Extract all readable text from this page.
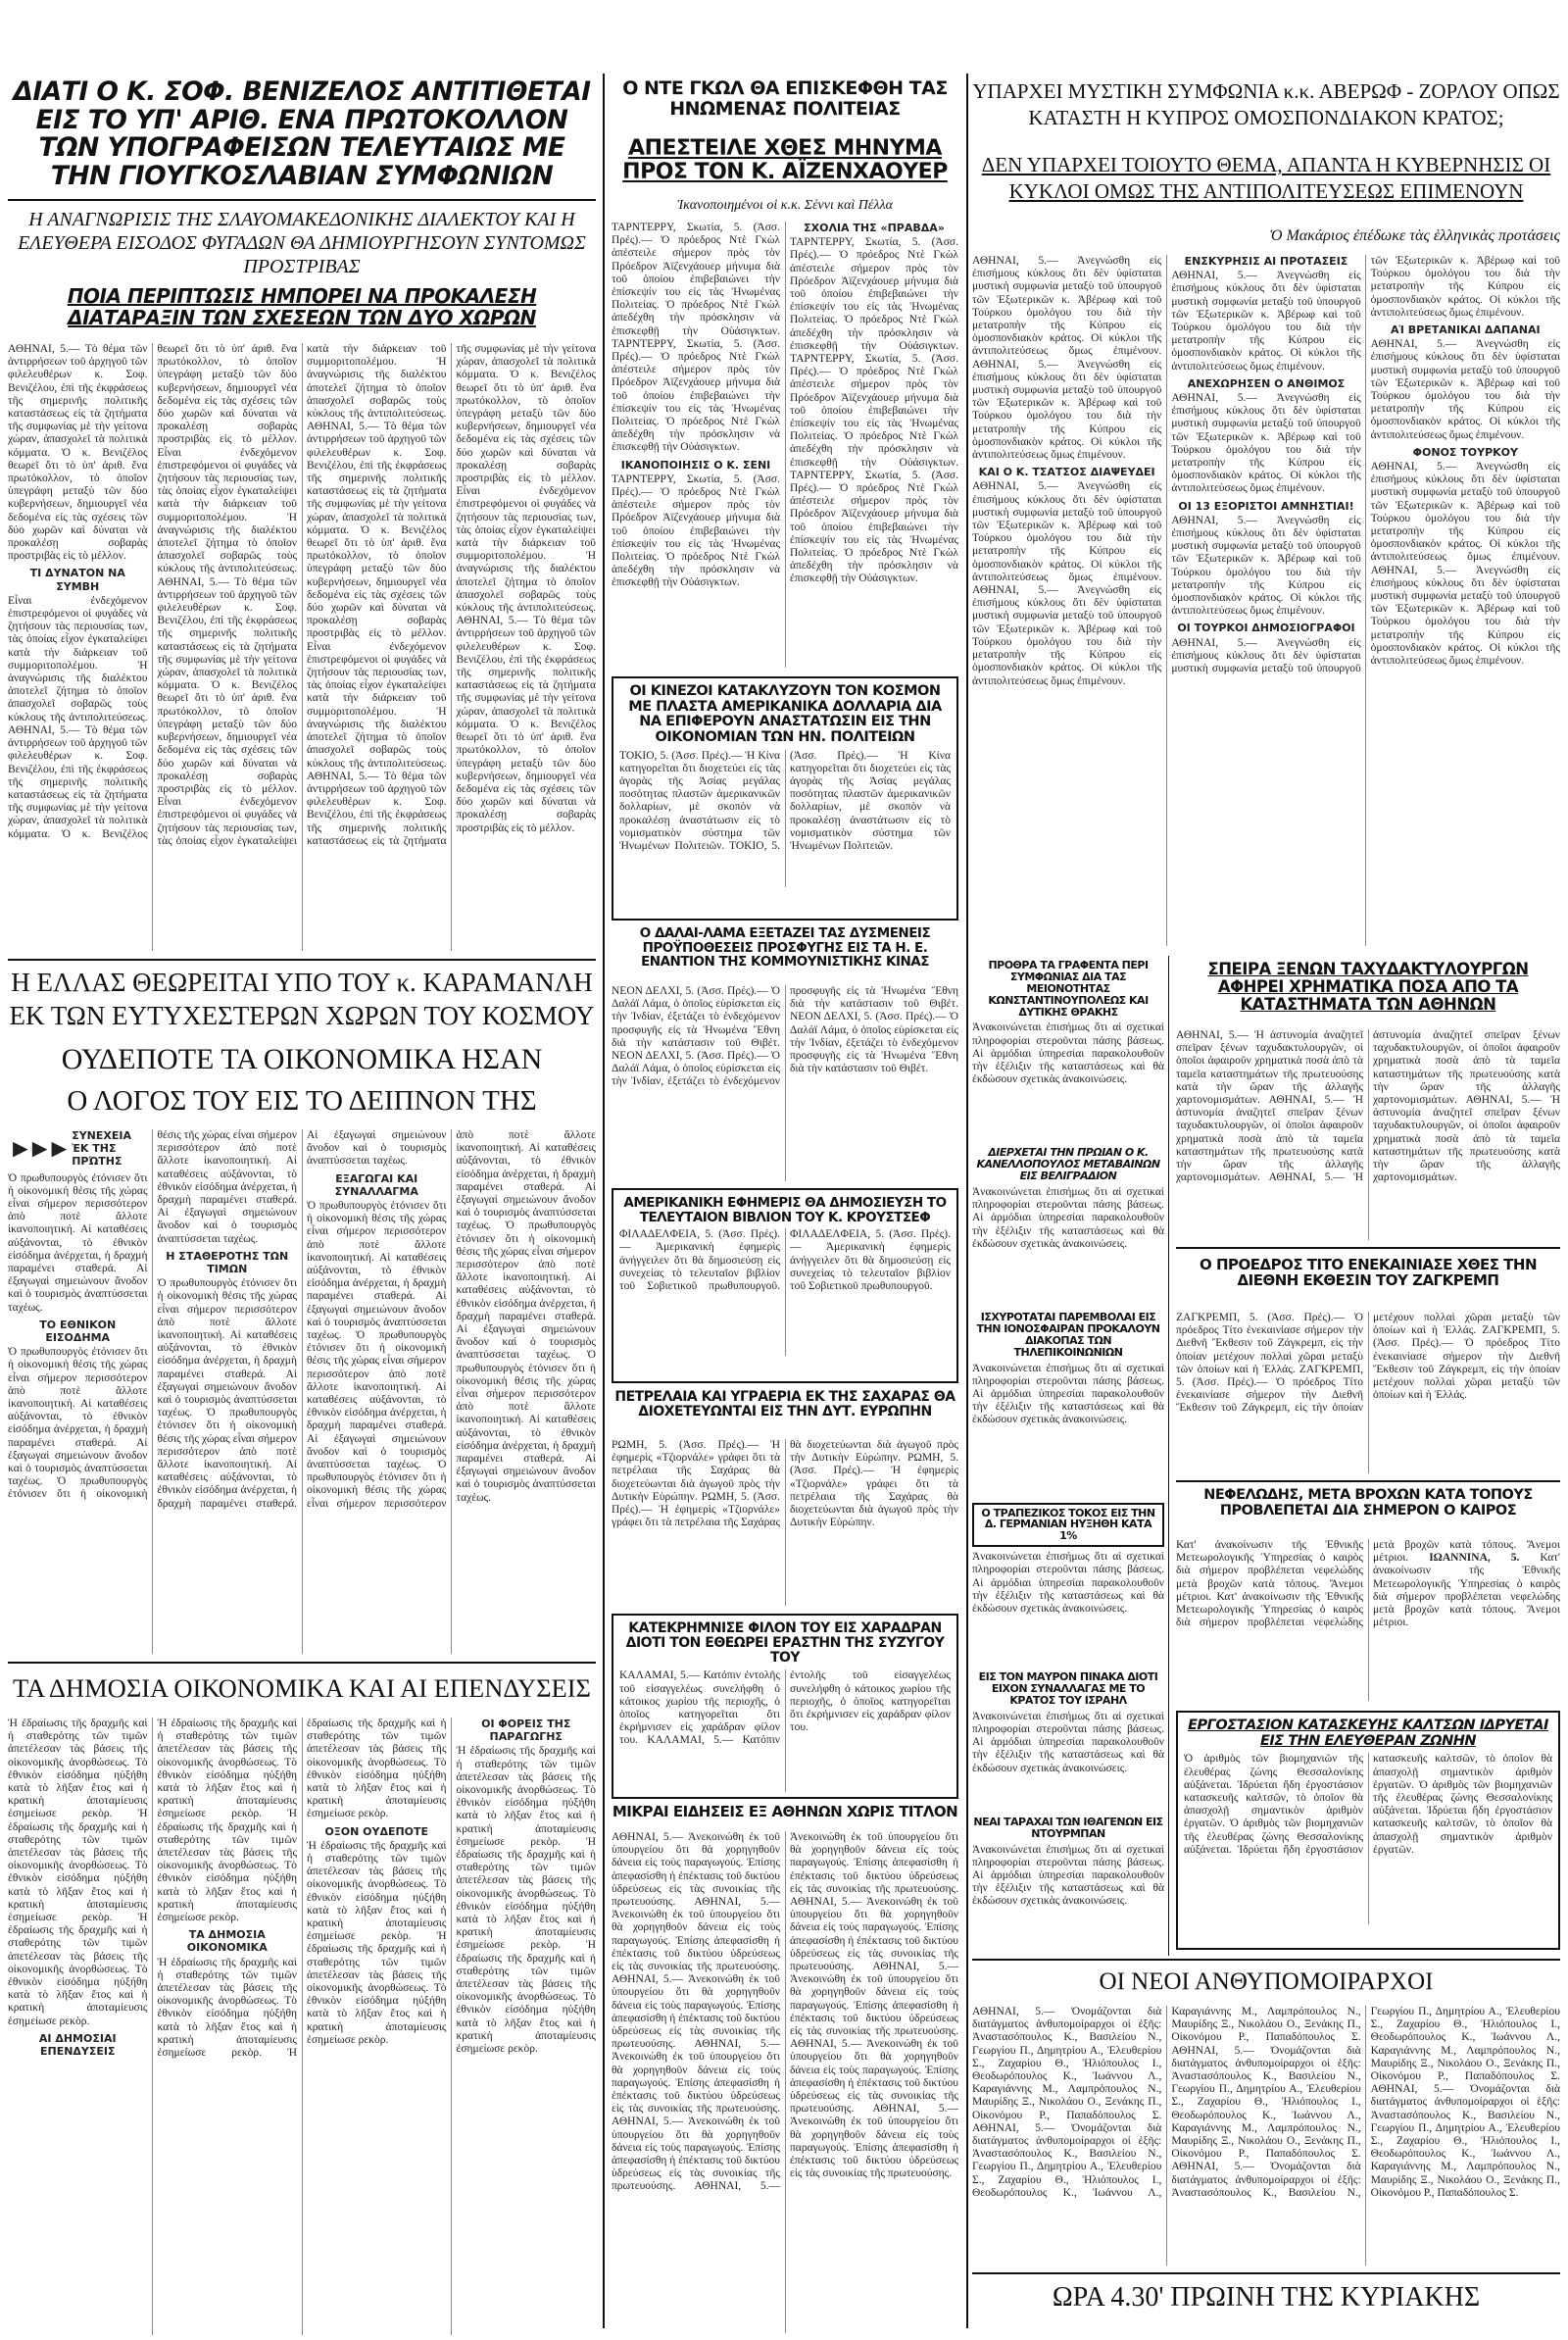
ΔΙΑΤΙ Ο Κ. ΣΟΦ. ΒΕΝΙΖΕΛΟΣ ΑΝΤΙΤΙΘΕΤΑΙ ΕΙΣ ΤΟ ΥΠ' ΑΡΙΘ. ΕΝΑ ΠΡΩΤΟΚΟΛΛΟΝ ΤΩΝ ΥΠΟΓΡΑΦΕΙΣΩΝ ΤΕΛΕΥΤΑΙΩΣ ΜΕ ΤΗΝ ΓΙΟΥΓΚΟΣΛΑΒΙΑΝ ΣΥΜΦΩΝΙΩΝ
Η ΑΝΑΓΝΩΡΙΣΙΣ ΤΗΣ ΣΛΑΥΟΜΑΚΕΔΟΝΙΚΗΣ ΔΙΑΛΕΚΤΟΥ ΚΑΙ Η ΕΛΕΥΘΕΡΑ ΕΙΣΟΔΟΣ ΦΥΓΑΔΩΝ ΘΑ ΔΗΜΙΟΥΡΓΗΣΟΥΝ ΣΥΝΤΟΜΩΣ ΠΡΟΣΤΡΙΒΑΣ
ΠΟΙΑ ΠΕΡΙΠΤΩΣΙΣ ΗΜΠΟΡΕΙ ΝΑ ΠΡΟΚΑΛΕΣΗ ΔΙΑΤΑΡΑΞΙΝ ΤΩΝ ΣΧΕΣΕΩΝ ΤΩΝ ΔΥΟ ΧΩΡΩΝ
ΑΘΗΝΑΙ, 5.— Τὸ θέμα τῶν ἀντιρρήσεων τοῦ ἀρχηγοῦ τῶν φιλελευθέρων κ. Σοφ. Βενιζέλου, ἐπὶ τῆς ἐκφράσεως τῆς σημερινῆς πολιτικῆς καταστάσεως εἰς τὰ ζητήματα τῆς συμφωνίας μὲ τὴν γείτονα χώραν, ἀπασχολεῖ τὰ πολιτικὰ κόμματα. Ὁ κ. Βενιζέλος θεωρεῖ ὅτι τὸ ὑπ' ἀριθ. ἕνα πρωτόκολλον, τὸ ὁποῖον ὑπεγράφη μεταξὺ τῶν δύο κυβερνήσεων, δημιουργεῖ νέα δεδομένα εἰς τὰς σχέσεις τῶν δύο χωρῶν καὶ δύναται νὰ προκαλέσῃ σοβαρὰς προστριβὰς εἰς τὸ μέλλον.
ΤΙ ΔΥΝΑΤΟΝ ΝΑ ΣΥΜΒΗ
Εἶναι ἐνδεχόμενον ἐπιστρεφόμενοι οἱ φυγάδες νὰ ζητήσουν τὰς περιουσίας των, τὰς ὁποίας εἶχον ἐγκαταλείψει κατὰ τὴν διάρκειαν τοῦ συμμοριτοπολέμου. Ἡ ἀναγνώρισις τῆς διαλέκτου ἀποτελεῖ ζήτημα τὸ ὁποῖον ἀπασχολεῖ σοβαρῶς τοὺς κύκλους τῆς ἀντιπολιτεύσεως. ΑΘΗΝΑΙ, 5.— Τὸ θέμα τῶν ἀντιρρήσεων τοῦ ἀρχηγοῦ τῶν φιλελευθέρων κ. Σοφ. Βενιζέλου, ἐπὶ τῆς ἐκφράσεως τῆς σημερινῆς πολιτικῆς καταστάσεως εἰς τὰ ζητήματα τῆς συμφωνίας μὲ τὴν γείτονα χώραν, ἀπασχολεῖ τὰ πολιτικὰ κόμματα. Ὁ κ. Βενιζέλος θεωρεῖ ὅτι τὸ ὑπ' ἀριθ. ἕνα πρωτόκολλον, τὸ ὁποῖον ὑπεγράφη μεταξὺ τῶν δύο κυβερνήσεων, δημιουργεῖ νέα δεδομένα εἰς τὰς σχέσεις τῶν δύο χωρῶν καὶ δύναται νὰ προκαλέσῃ σοβαρὰς προστριβὰς εἰς τὸ μέλλον. Εἶναι ἐνδεχόμενον ἐπιστρεφόμενοι οἱ φυγάδες νὰ ζητήσουν τὰς περιουσίας των, τὰς ὁποίας εἶχον ἐγκαταλείψει κατὰ τὴν διάρκειαν τοῦ συμμοριτοπολέμου. Ἡ ἀναγνώρισις τῆς διαλέκτου ἀποτελεῖ ζήτημα τὸ ὁποῖον ἀπασχολεῖ σοβαρῶς τοὺς κύκλους τῆς ἀντιπολιτεύσεως. ΑΘΗΝΑΙ, 5.— Τὸ θέμα τῶν ἀντιρρήσεων τοῦ ἀρχηγοῦ τῶν φιλελευθέρων κ. Σοφ. Βενιζέλου, ἐπὶ τῆς ἐκφράσεως τῆς σημερινῆς πολιτικῆς καταστάσεως εἰς τὰ ζητήματα τῆς συμφωνίας μὲ τὴν γείτονα χώραν, ἀπασχολεῖ τὰ πολιτικὰ κόμματα. Ὁ κ. Βενιζέλος θεωρεῖ ὅτι τὸ ὑπ' ἀριθ. ἕνα πρωτόκολλον, τὸ ὁποῖον ὑπεγράφη μεταξὺ τῶν δύο κυβερνήσεων, δημιουργεῖ νέα δεδομένα εἰς τὰς σχέσεις τῶν δύο χωρῶν καὶ δύναται νὰ προκαλέσῃ σοβαρὰς προστριβὰς εἰς τὸ μέλλον. Εἶναι ἐνδεχόμενον ἐπιστρεφόμενοι οἱ φυγάδες νὰ ζητήσουν τὰς περιουσίας των, τὰς ὁποίας εἶχον ἐγκαταλείψει κατὰ τὴν διάρκειαν τοῦ συμμοριτοπολέμου. Ἡ ἀναγνώρισις τῆς διαλέκτου ἀποτελεῖ ζήτημα τὸ ὁποῖον ἀπασχολεῖ σοβαρῶς τοὺς κύκλους τῆς ἀντιπολιτεύσεως. ΑΘΗΝΑΙ, 5.— Τὸ θέμα τῶν ἀντιρρήσεων τοῦ ἀρχηγοῦ τῶν φιλελευθέρων κ. Σοφ. Βενιζέλου, ἐπὶ τῆς ἐκφράσεως τῆς σημερινῆς πολιτικῆς καταστάσεως εἰς τὰ ζητήματα τῆς συμφωνίας μὲ τὴν γείτονα χώραν, ἀπασχολεῖ τὰ πολιτικὰ κόμματα. Ὁ κ. Βενιζέλος θεωρεῖ ὅτι τὸ ὑπ' ἀριθ. ἕνα πρωτόκολλον, τὸ ὁποῖον ὑπεγράφη μεταξὺ τῶν δύο κυβερνήσεων, δημιουργεῖ νέα δεδομένα εἰς τὰς σχέσεις τῶν δύο χωρῶν καὶ δύναται νὰ προκαλέσῃ σοβαρὰς προστριβὰς εἰς τὸ μέλλον. Εἶναι ἐνδεχόμενον ἐπιστρεφόμενοι οἱ φυγάδες νὰ ζητήσουν τὰς περιουσίας των, τὰς ὁποίας εἶχον ἐγκαταλείψει κατὰ τὴν διάρκειαν τοῦ συμμοριτοπολέμου. Ἡ ἀναγνώρισις τῆς διαλέκτου ἀποτελεῖ ζήτημα τὸ ὁποῖον ἀπασχολεῖ σοβαρῶς τοὺς κύκλους τῆς ἀντιπολιτεύσεως. ΑΘΗΝΑΙ, 5.— Τὸ θέμα τῶν ἀντιρρήσεων τοῦ ἀρχηγοῦ τῶν φιλελευθέρων κ. Σοφ. Βενιζέλου, ἐπὶ τῆς ἐκφράσεως τῆς σημερινῆς πολιτικῆς καταστάσεως εἰς τὰ ζητήματα τῆς συμφωνίας μὲ τὴν γείτονα χώραν, ἀπασχολεῖ τὰ πολιτικὰ κόμματα. Ὁ κ. Βενιζέλος θεωρεῖ ὅτι τὸ ὑπ' ἀριθ. ἕνα πρωτόκολλον, τὸ ὁποῖον ὑπεγράφη μεταξὺ τῶν δύο κυβερνήσεων, δημιουργεῖ νέα δεδομένα εἰς τὰς σχέσεις τῶν δύο χωρῶν καὶ δύναται νὰ προκαλέσῃ σοβαρὰς προστριβὰς εἰς τὸ μέλλον. Εἶναι ἐνδεχόμενον ἐπιστρεφόμενοι οἱ φυγάδες νὰ ζητήσουν τὰς περιουσίας των, τὰς ὁποίας εἶχον ἐγκαταλείψει κατὰ τὴν διάρκειαν τοῦ συμμοριτοπολέμου. Ἡ ἀναγνώρισις τῆς διαλέκτου ἀποτελεῖ ζήτημα τὸ ὁποῖον ἀπασχολεῖ σοβαρῶς τοὺς κύκλους τῆς ἀντιπολιτεύσεως. ΑΘΗΝΑΙ, 5.— Τὸ θέμα τῶν ἀντιρρήσεων τοῦ ἀρχηγοῦ τῶν φιλελευθέρων κ. Σοφ. Βενιζέλου, ἐπὶ τῆς ἐκφράσεως τῆς σημερινῆς πολιτικῆς καταστάσεως εἰς τὰ ζητήματα τῆς συμφωνίας μὲ τὴν γείτονα χώραν, ἀπασχολεῖ τὰ πολιτικὰ κόμματα. Ὁ κ. Βενιζέλος θεωρεῖ ὅτι τὸ ὑπ' ἀριθ. ἕνα πρωτόκολλον, τὸ ὁποῖον ὑπεγράφη μεταξὺ τῶν δύο κυβερνήσεων, δημιουργεῖ νέα δεδομένα εἰς τὰς σχέσεις τῶν δύο χωρῶν καὶ δύναται νὰ προκαλέσῃ σοβαρὰς προστριβὰς εἰς τὸ μέλλον.
Η ΕΛΛΑΣ ΘΕΩΡΕΙΤΑΙ ΥΠΟ ΤΟΥ κ. ΚΑΡΑΜΑΝΛΗ ΕΚ ΤΩΝ ΕΥΤΥΧΕΣΤΕΡΩΝ ΧΩΡΩΝ ΤΟΥ ΚΟΣΜΟΥ
ΟΥΔΕΠΟΤΕ ΤΑ ΟΙΚΟΝΟΜΙΚΑ ΗΣΑΝ
Ο ΛΟΓΟΣ ΤΟΥ ΕΙΣ ΤΟ ΔΕΙΠΝΟΝ ΤΗΣ
►►► ΣΥΝΕΧΕΙΑ ἘΚ ΤΗ͂Σ ΠΡΏΤΗΣ
Ὁ πρωθυπουργὸς ἐτόνισεν ὅτι ἡ οἰκονομικὴ θέσις τῆς χώρας εἶναι σήμερον περισσότερον ἀπὸ ποτὲ ἄλλοτε ἱκανοποιητική. Αἱ καταθέσεις αὐξάνονται, τὸ ἐθνικὸν εἰσόδημα ἀνέρχεται, ἡ δραχμὴ παραμένει σταθερά. Αἱ ἐξαγωγαὶ σημειώνουν ἄνοδον καὶ ὁ τουρισμὸς ἀναπτύσσεται ταχέως.
ΤΟ ΕΘΝΙΚΟΝ ΕΙΣΟΔΗΜΑ
Ὁ πρωθυπουργὸς ἐτόνισεν ὅτι ἡ οἰκονομικὴ θέσις τῆς χώρας εἶναι σήμερον περισσότερον ἀπὸ ποτὲ ἄλλοτε ἱκανοποιητική. Αἱ καταθέσεις αὐξάνονται, τὸ ἐθνικὸν εἰσόδημα ἀνέρχεται, ἡ δραχμὴ παραμένει σταθερά. Αἱ ἐξαγωγαὶ σημειώνουν ἄνοδον καὶ ὁ τουρισμὸς ἀναπτύσσεται ταχέως. Ὁ πρωθυπουργὸς ἐτόνισεν ὅτι ἡ οἰκονομικὴ θέσις τῆς χώρας εἶναι σήμερον περισσότερον ἀπὸ ποτὲ ἄλλοτε ἱκανοποιητική. Αἱ καταθέσεις αὐξάνονται, τὸ ἐθνικὸν εἰσόδημα ἀνέρχεται, ἡ δραχμὴ παραμένει σταθερά. Αἱ ἐξαγωγαὶ σημειώνουν ἄνοδον καὶ ὁ τουρισμὸς ἀναπτύσσεται ταχέως.
Η ΣΤΑΘΕΡΟΤΗΣ ΤΩΝ ΤΙΜΩΝ
Ὁ πρωθυπουργὸς ἐτόνισεν ὅτι ἡ οἰκονομικὴ θέσις τῆς χώρας εἶναι σήμερον περισσότερον ἀπὸ ποτὲ ἄλλοτε ἱκανοποιητική. Αἱ καταθέσεις αὐξάνονται, τὸ ἐθνικὸν εἰσόδημα ἀνέρχεται, ἡ δραχμὴ παραμένει σταθερά. Αἱ ἐξαγωγαὶ σημειώνουν ἄνοδον καὶ ὁ τουρισμὸς ἀναπτύσσεται ταχέως. Ὁ πρωθυπουργὸς ἐτόνισεν ὅτι ἡ οἰκονομικὴ θέσις τῆς χώρας εἶναι σήμερον περισσότερον ἀπὸ ποτὲ ἄλλοτε ἱκανοποιητική. Αἱ καταθέσεις αὐξάνονται, τὸ ἐθνικὸν εἰσόδημα ἀνέρχεται, ἡ δραχμὴ παραμένει σταθερά. Αἱ ἐξαγωγαὶ σημειώνουν ἄνοδον καὶ ὁ τουρισμὸς ἀναπτύσσεται ταχέως.
ΕΞΑΓΩΓΑΙ ΚΑΙ ΣΥΝΑΛΛΑΓΜΑ
Ὁ πρωθυπουργὸς ἐτόνισεν ὅτι ἡ οἰκονομικὴ θέσις τῆς χώρας εἶναι σήμερον περισσότερον ἀπὸ ποτὲ ἄλλοτε ἱκανοποιητική. Αἱ καταθέσεις αὐξάνονται, τὸ ἐθνικὸν εἰσόδημα ἀνέρχεται, ἡ δραχμὴ παραμένει σταθερά. Αἱ ἐξαγωγαὶ σημειώνουν ἄνοδον καὶ ὁ τουρισμὸς ἀναπτύσσεται ταχέως. Ὁ πρωθυπουργὸς ἐτόνισεν ὅτι ἡ οἰκονομικὴ θέσις τῆς χώρας εἶναι σήμερον περισσότερον ἀπὸ ποτὲ ἄλλοτε ἱκανοποιητική. Αἱ καταθέσεις αὐξάνονται, τὸ ἐθνικὸν εἰσόδημα ἀνέρχεται, ἡ δραχμὴ παραμένει σταθερά. Αἱ ἐξαγωγαὶ σημειώνουν ἄνοδον καὶ ὁ τουρισμὸς ἀναπτύσσεται ταχέως. Ὁ πρωθυπουργὸς ἐτόνισεν ὅτι ἡ οἰκονομικὴ θέσις τῆς χώρας εἶναι σήμερον περισσότερον ἀπὸ ποτὲ ἄλλοτε ἱκανοποιητική. Αἱ καταθέσεις αὐξάνονται, τὸ ἐθνικὸν εἰσόδημα ἀνέρχεται, ἡ δραχμὴ παραμένει σταθερά. Αἱ ἐξαγωγαὶ σημειώνουν ἄνοδον καὶ ὁ τουρισμὸς ἀναπτύσσεται ταχέως. Ὁ πρωθυπουργὸς ἐτόνισεν ὅτι ἡ οἰκονομικὴ θέσις τῆς χώρας εἶναι σήμερον περισσότερον ἀπὸ ποτὲ ἄλλοτε ἱκανοποιητική. Αἱ καταθέσεις αὐξάνονται, τὸ ἐθνικὸν εἰσόδημα ἀνέρχεται, ἡ δραχμὴ παραμένει σταθερά. Αἱ ἐξαγωγαὶ σημειώνουν ἄνοδον καὶ ὁ τουρισμὸς ἀναπτύσσεται ταχέως. Ὁ πρωθυπουργὸς ἐτόνισεν ὅτι ἡ οἰκονομικὴ θέσις τῆς χώρας εἶναι σήμερον περισσότερον ἀπὸ ποτὲ ἄλλοτε ἱκανοποιητική. Αἱ καταθέσεις αὐξάνονται, τὸ ἐθνικὸν εἰσόδημα ἀνέρχεται, ἡ δραχμὴ παραμένει σταθερά. Αἱ ἐξαγωγαὶ σημειώνουν ἄνοδον καὶ ὁ τουρισμὸς ἀναπτύσσεται ταχέως.
ΤΑ ΔΗΜΟΣΙΑ ΟΙΚΟΝΟΜΙΚΑ ΚΑΙ ΑΙ ΕΠΕΝΔΥΣΕΙΣ
Ἡ ἐδραίωσις τῆς δραχμῆς καὶ ἡ σταθερότης τῶν τιμῶν ἀπετέλεσαν τὰς βάσεις τῆς οἰκονομικῆς ἀνορθώσεως. Τὸ ἐθνικὸν εἰσόδημα ηὐξήθη κατὰ τὸ λῆξαν ἔτος καὶ ἡ κρατικὴ ἀποταμίευσις ἐσημείωσε ρεκὸρ. Ἡ ἐδραίωσις τῆς δραχμῆς καὶ ἡ σταθερότης τῶν τιμῶν ἀπετέλεσαν τὰς βάσεις τῆς οἰκονομικῆς ἀνορθώσεως. Τὸ ἐθνικὸν εἰσόδημα ηὐξήθη κατὰ τὸ λῆξαν ἔτος καὶ ἡ κρατικὴ ἀποταμίευσις ἐσημείωσε ρεκὸρ. Ἡ ἐδραίωσις τῆς δραχμῆς καὶ ἡ σταθερότης τῶν τιμῶν ἀπετέλεσαν τὰς βάσεις τῆς οἰκονομικῆς ἀνορθώσεως. Τὸ ἐθνικὸν εἰσόδημα ηὐξήθη κατὰ τὸ λῆξαν ἔτος καὶ ἡ κρατικὴ ἀποταμίευσις ἐσημείωσε ρεκὸρ.
ΑΙ ΔΗΜΟΣΙΑΙ ΕΠΕΝΔΥΣΕΙΣ
Ἡ ἐδραίωσις τῆς δραχμῆς καὶ ἡ σταθερότης τῶν τιμῶν ἀπετέλεσαν τὰς βάσεις τῆς οἰκονομικῆς ἀνορθώσεως. Τὸ ἐθνικὸν εἰσόδημα ηὐξήθη κατὰ τὸ λῆξαν ἔτος καὶ ἡ κρατικὴ ἀποταμίευσις ἐσημείωσε ρεκὸρ. Ἡ ἐδραίωσις τῆς δραχμῆς καὶ ἡ σταθερότης τῶν τιμῶν ἀπετέλεσαν τὰς βάσεις τῆς οἰκονομικῆς ἀνορθώσεως. Τὸ ἐθνικὸν εἰσόδημα ηὐξήθη κατὰ τὸ λῆξαν ἔτος καὶ ἡ κρατικὴ ἀποταμίευσις ἐσημείωσε ρεκὸρ.
ΤΑ ΔΗΜΟΣΙΑ ΟΙΚΟΝΟΜΙΚΑ
Ἡ ἐδραίωσις τῆς δραχμῆς καὶ ἡ σταθερότης τῶν τιμῶν ἀπετέλεσαν τὰς βάσεις τῆς οἰκονομικῆς ἀνορθώσεως. Τὸ ἐθνικὸν εἰσόδημα ηὐξήθη κατὰ τὸ λῆξαν ἔτος καὶ ἡ κρατικὴ ἀποταμίευσις ἐσημείωσε ρεκὸρ. Ἡ ἐδραίωσις τῆς δραχμῆς καὶ ἡ σταθερότης τῶν τιμῶν ἀπετέλεσαν τὰς βάσεις τῆς οἰκονομικῆς ἀνορθώσεως. Τὸ ἐθνικὸν εἰσόδημα ηὐξήθη κατὰ τὸ λῆξαν ἔτος καὶ ἡ κρατικὴ ἀποταμίευσις ἐσημείωσε ρεκὸρ.
ΟΞΟΝ ΟΥΔΕΠΟΤΕ
Ἡ ἐδραίωσις τῆς δραχμῆς καὶ ἡ σταθερότης τῶν τιμῶν ἀπετέλεσαν τὰς βάσεις τῆς οἰκονομικῆς ἀνορθώσεως. Τὸ ἐθνικὸν εἰσόδημα ηὐξήθη κατὰ τὸ λῆξαν ἔτος καὶ ἡ κρατικὴ ἀποταμίευσις ἐσημείωσε ρεκὸρ. Ἡ ἐδραίωσις τῆς δραχμῆς καὶ ἡ σταθερότης τῶν τιμῶν ἀπετέλεσαν τὰς βάσεις τῆς οἰκονομικῆς ἀνορθώσεως. Τὸ ἐθνικὸν εἰσόδημα ηὐξήθη κατὰ τὸ λῆξαν ἔτος καὶ ἡ κρατικὴ ἀποταμίευσις ἐσημείωσε ρεκὸρ.
ΟΙ ΦΟΡΕΙΣ ΤΗΣ ΠΑΡΑΓΩΓΗΣ
Ἡ ἐδραίωσις τῆς δραχμῆς καὶ ἡ σταθερότης τῶν τιμῶν ἀπετέλεσαν τὰς βάσεις τῆς οἰκονομικῆς ἀνορθώσεως. Τὸ ἐθνικὸν εἰσόδημα ηὐξήθη κατὰ τὸ λῆξαν ἔτος καὶ ἡ κρατικὴ ἀποταμίευσις ἐσημείωσε ρεκὸρ. Ἡ ἐδραίωσις τῆς δραχμῆς καὶ ἡ σταθερότης τῶν τιμῶν ἀπετέλεσαν τὰς βάσεις τῆς οἰκονομικῆς ἀνορθώσεως. Τὸ ἐθνικὸν εἰσόδημα ηὐξήθη κατὰ τὸ λῆξαν ἔτος καὶ ἡ κρατικὴ ἀποταμίευσις ἐσημείωσε ρεκὸρ. Ἡ ἐδραίωσις τῆς δραχμῆς καὶ ἡ σταθερότης τῶν τιμῶν ἀπετέλεσαν τὰς βάσεις τῆς οἰκονομικῆς ἀνορθώσεως. Τὸ ἐθνικὸν εἰσόδημα ηὐξήθη κατὰ τὸ λῆξαν ἔτος καὶ ἡ κρατικὴ ἀποταμίευσις ἐσημείωσε ρεκὸρ.
Ο ΝΤΕ ΓΚΩΛ ΘΑ ΕΠΙΣΚΕΦΘΗ ΤΑΣ ΗΝΩΜΕΝΑΣ ΠΟΛΙΤΕΙΑΣ
ΑΠΕΣΤΕΙΛΕ ΧΘΕΣ ΜΗΝΥΜΑ ΠΡΟΣ ΤΟΝ Κ. ΑΪΖΕΝΧΑΟΥΕΡ
Ἱκανοποιημένοι οἱ κ.κ. Σέννι καὶ Πέλλα
ΤΑΡΝΤΕΡΡΥ, Σκωτία, 5. (Ἀσσ. Πρές).— Ὁ πρόεδρος Ντὲ Γκὼλ ἀπέστειλε σήμερον πρὸς τὸν Πρόεδρον Ἀϊζενχάουερ μήνυμα διὰ τοῦ ὁποίου ἐπιβεβαιώνει τὴν ἐπίσκεψίν του εἰς τὰς Ἡνωμένας Πολιτείας. Ὁ πρόεδρος Ντὲ Γκὼλ ἀπεδέχθη τὴν πρόσκλησιν νὰ ἐπισκεφθῇ τὴν Οὐάσιγκτων. ΤΑΡΝΤΕΡΡΥ, Σκωτία, 5. (Ἀσσ. Πρές).— Ὁ πρόεδρος Ντὲ Γκὼλ ἀπέστειλε σήμερον πρὸς τὸν Πρόεδρον Ἀϊζενχάουερ μήνυμα διὰ τοῦ ὁποίου ἐπιβεβαιώνει τὴν ἐπίσκεψίν του εἰς τὰς Ἡνωμένας Πολιτείας. Ὁ πρόεδρος Ντὲ Γκὼλ ἀπεδέχθη τὴν πρόσκλησιν νὰ ἐπισκεφθῇ τὴν Οὐάσιγκτων.
ΙΚΑΝΟΠΟΙΗΣΙΣ Ο Κ. ΣΕΝΙ
ΤΑΡΝΤΕΡΡΥ, Σκωτία, 5. (Ἀσσ. Πρές).— Ὁ πρόεδρος Ντὲ Γκὼλ ἀπέστειλε σήμερον πρὸς τὸν Πρόεδρον Ἀϊζενχάουερ μήνυμα διὰ τοῦ ὁποίου ἐπιβεβαιώνει τὴν ἐπίσκεψίν του εἰς τὰς Ἡνωμένας Πολιτείας. Ὁ πρόεδρος Ντὲ Γκὼλ ἀπεδέχθη τὴν πρόσκλησιν νὰ ἐπισκεφθῇ τὴν Οὐάσιγκτων.
ΣΧΟΛΙΑ ΤΗΣ «ΠΡΑΒΔΑ»
ΤΑΡΝΤΕΡΡΥ, Σκωτία, 5. (Ἀσσ. Πρές).— Ὁ πρόεδρος Ντὲ Γκὼλ ἀπέστειλε σήμερον πρὸς τὸν Πρόεδρον Ἀϊζενχάουερ μήνυμα διὰ τοῦ ὁποίου ἐπιβεβαιώνει τὴν ἐπίσκεψίν του εἰς τὰς Ἡνωμένας Πολιτείας. Ὁ πρόεδρος Ντὲ Γκὼλ ἀπεδέχθη τὴν πρόσκλησιν νὰ ἐπισκεφθῇ τὴν Οὐάσιγκτων. ΤΑΡΝΤΕΡΡΥ, Σκωτία, 5. (Ἀσσ. Πρές).— Ὁ πρόεδρος Ντὲ Γκὼλ ἀπέστειλε σήμερον πρὸς τὸν Πρόεδρον Ἀϊζενχάουερ μήνυμα διὰ τοῦ ὁποίου ἐπιβεβαιώνει τὴν ἐπίσκεψίν του εἰς τὰς Ἡνωμένας Πολιτείας. Ὁ πρόεδρος Ντὲ Γκὼλ ἀπεδέχθη τὴν πρόσκλησιν νὰ ἐπισκεφθῇ τὴν Οὐάσιγκτων. ΤΑΡΝΤΕΡΡΥ, Σκωτία, 5. (Ἀσσ. Πρές).— Ὁ πρόεδρος Ντὲ Γκὼλ ἀπέστειλε σήμερον πρὸς τὸν Πρόεδρον Ἀϊζενχάουερ μήνυμα διὰ τοῦ ὁποίου ἐπιβεβαιώνει τὴν ἐπίσκεψίν του εἰς τὰς Ἡνωμένας Πολιτείας. Ὁ πρόεδρος Ντὲ Γκὼλ ἀπεδέχθη τὴν πρόσκλησιν νὰ ἐπισκεφθῇ τὴν Οὐάσιγκτων.
ΟΙ ΚΙΝΕΖΟΙ ΚΑΤΑΚΛΥΖΟΥΝ ΤΟΝ ΚΟΣΜΟΝ ΜΕ ΠΛΑΣΤΑ ΑΜΕΡΙΚΑΝΙΚΑ ΔΟΛΛΑΡΙΑ ΔΙΑ ΝΑ ΕΠΙΦΕΡΟΥΝ ΑΝΑΣΤΑΤΩΣΙΝ ΕΙΣ ΤΗΝ ΟΙΚΟΝΟΜΙΑΝ ΤΩΝ ΗΝ. ΠΟΛΙΤΕΙΩΝ
ΤΟΚΙΟ, 5. (Ἀσσ. Πρές).— Ἡ Κίνα κατηγορεῖται ὅτι διοχετεύει εἰς τὰς ἀγορὰς τῆς Ἀσίας μεγάλας ποσότητας πλαστῶν ἀμερικανικῶν δολλαρίων, μὲ σκοπὸν νὰ προκαλέσῃ ἀναστάτωσιν εἰς τὸ νομισματικὸν σύστημα τῶν Ἡνωμένων Πολιτειῶν. ΤΟΚΙΟ, 5. (Ἀσσ. Πρές).— Ἡ Κίνα κατηγορεῖται ὅτι διοχετεύει εἰς τὰς ἀγορὰς τῆς Ἀσίας μεγάλας ποσότητας πλαστῶν ἀμερικανικῶν δολλαρίων, μὲ σκοπὸν νὰ προκαλέσῃ ἀναστάτωσιν εἰς τὸ νομισματικὸν σύστημα τῶν Ἡνωμένων Πολιτειῶν.
Ο ΔΑΛΑΪ-ΛΑΜΑ ΕΞΕΤΑΖΕΙ ΤΑΣ ΔΥΣΜΕΝΕΙΣ ΠΡΟΫΠΟΘΕΣΕΙΣ ΠΡΟΣΦΥΓΗΣ ΕΙΣ ΤΑ Η. Ε. ΕΝΑΝΤΙΟΝ ΤΗΣ ΚΟΜΜΟΥΝΙΣΤΙΚΗΣ ΚΙΝΑΣ
ΝΕΟΝ ΔΕΛΧΙ, 5. (Ἀσσ. Πρές).— Ὁ Δαλάϊ Λάμα, ὁ ὁποῖος εὑρίσκεται εἰς τὴν Ἰνδίαν, ἐξετάζει τὸ ἐνδεχόμενον προσφυγῆς εἰς τὰ Ἡνωμένα Ἔθνη διὰ τὴν κατάστασιν τοῦ Θιβέτ. ΝΕΟΝ ΔΕΛΧΙ, 5. (Ἀσσ. Πρές).— Ὁ Δαλάϊ Λάμα, ὁ ὁποῖος εὑρίσκεται εἰς τὴν Ἰνδίαν, ἐξετάζει τὸ ἐνδεχόμενον προσφυγῆς εἰς τὰ Ἡνωμένα Ἔθνη διὰ τὴν κατάστασιν τοῦ Θιβέτ. ΝΕΟΝ ΔΕΛΧΙ, 5. (Ἀσσ. Πρές).— Ὁ Δαλάϊ Λάμα, ὁ ὁποῖος εὑρίσκεται εἰς τὴν Ἰνδίαν, ἐξετάζει τὸ ἐνδεχόμενον προσφυγῆς εἰς τὰ Ἡνωμένα Ἔθνη διὰ τὴν κατάστασιν τοῦ Θιβέτ.
ΑΜΕΡΙΚΑΝΙΚΗ ΕΦΗΜΕΡΙΣ ΘΑ ΔΗΜΟΣΙΕΥΣΗ ΤΟ ΤΕΛΕΥΤΑΙΟΝ ΒΙΒΛΙΟΝ ΤΟΥ Κ. ΚΡΟΥΣΤΣΕΦ
ΦΙΛΑΔΕΛΦΕΙΑ, 5. (Ἀσσ. Πρές).— Ἀμερικανικὴ ἐφημερὶς ἀνήγγειλεν ὅτι θὰ δημοσιεύσῃ εἰς συνεχείας τὸ τελευταῖον βιβλίον τοῦ Σοβιετικοῦ πρωθυπουργοῦ. ΦΙΛΑΔΕΛΦΕΙΑ, 5. (Ἀσσ. Πρές).— Ἀμερικανικὴ ἐφημερὶς ἀνήγγειλεν ὅτι θὰ δημοσιεύσῃ εἰς συνεχείας τὸ τελευταῖον βιβλίον τοῦ Σοβιετικοῦ πρωθυπουργοῦ.
ΠΕΤΡΕΛΑΙΑ ΚΑΙ ΥΓΡΑΕΡΙΑ ΕΚ ΤΗΣ ΣΑΧΑΡΑΣ ΘΑ ΔΙΟΧΕΤΕΥΩΝΤΑΙ ΕΙΣ ΤΗΝ ΔΥΤ. ΕΥΡΩΠΗΝ
ΡΩΜΗ, 5. (Ἀσσ. Πρές).— Ἡ ἐφημερὶς «Τζιορνάλε» γράφει ὅτι τὰ πετρέλαια τῆς Σαχάρας θὰ διοχετεύωνται διὰ ἀγωγοῦ πρὸς τὴν Δυτικὴν Εὐρώπην. ΡΩΜΗ, 5. (Ἀσσ. Πρές).— Ἡ ἐφημερὶς «Τζιορνάλε» γράφει ὅτι τὰ πετρέλαια τῆς Σαχάρας θὰ διοχετεύωνται διὰ ἀγωγοῦ πρὸς τὴν Δυτικὴν Εὐρώπην. ΡΩΜΗ, 5. (Ἀσσ. Πρές).— Ἡ ἐφημερὶς «Τζιορνάλε» γράφει ὅτι τὰ πετρέλαια τῆς Σαχάρας θὰ διοχετεύωνται διὰ ἀγωγοῦ πρὸς τὴν Δυτικὴν Εὐρώπην.
ΚΑΤΕΚΡΗΜΝΙΣΕ ΦΙΛΟΝ ΤΟΥ ΕΙΣ ΧΑΡΑΔΡΑΝ ΔΙΟΤΙ ΤΟΝ ΕΘΕΩΡΕΙ ΕΡΑΣΤΗΝ ΤΗΣ ΣΥΖΥΓΟΥ ΤΟΥ
ΚΑΛΑΜΑΙ, 5.— Κατόπιν ἐντολῆς τοῦ εἰσαγγελέως συνελήφθη ὁ κάτοικος χωρίου τῆς περιοχῆς, ὁ ὁποῖος κατηγορεῖται ὅτι ἐκρήμνισεν εἰς χαράδραν φίλον του. ΚΑΛΑΜΑΙ, 5.— Κατόπιν ἐντολῆς τοῦ εἰσαγγελέως συνελήφθη ὁ κάτοικος χωρίου τῆς περιοχῆς, ὁ ὁποῖος κατηγορεῖται ὅτι ἐκρήμνισεν εἰς χαράδραν φίλον του.
ΜΙΚΡΑΙ ΕΙΔΗΣΕΙΣ ΕΞ ΑΘΗΝΩΝ ΧΩΡΙΣ ΤΙΤΛΟΝ
ΑΘΗΝΑΙ, 5.— Ἀνεκοινώθη ἐκ τοῦ ὑπουργείου ὅτι θὰ χορηγηθοῦν δάνεια εἰς τοὺς παραγωγούς. Ἐπίσης ἀπεφασίσθη ἡ ἐπέκτασις τοῦ δικτύου ὑδρεύσεως εἰς τὰς συνοικίας τῆς πρωτευούσης. ΑΘΗΝΑΙ, 5.— Ἀνεκοινώθη ἐκ τοῦ ὑπουργείου ὅτι θὰ χορηγηθοῦν δάνεια εἰς τοὺς παραγωγούς. Ἐπίσης ἀπεφασίσθη ἡ ἐπέκτασις τοῦ δικτύου ὑδρεύσεως εἰς τὰς συνοικίας τῆς πρωτευούσης. ΑΘΗΝΑΙ, 5.— Ἀνεκοινώθη ἐκ τοῦ ὑπουργείου ὅτι θὰ χορηγηθοῦν δάνεια εἰς τοὺς παραγωγούς. Ἐπίσης ἀπεφασίσθη ἡ ἐπέκτασις τοῦ δικτύου ὑδρεύσεως εἰς τὰς συνοικίας τῆς πρωτευούσης. ΑΘΗΝΑΙ, 5.— Ἀνεκοινώθη ἐκ τοῦ ὑπουργείου ὅτι θὰ χορηγηθοῦν δάνεια εἰς τοὺς παραγωγούς. Ἐπίσης ἀπεφασίσθη ἡ ἐπέκτασις τοῦ δικτύου ὑδρεύσεως εἰς τὰς συνοικίας τῆς πρωτευούσης. ΑΘΗΝΑΙ, 5.— Ἀνεκοινώθη ἐκ τοῦ ὑπουργείου ὅτι θὰ χορηγηθοῦν δάνεια εἰς τοὺς παραγωγούς. Ἐπίσης ἀπεφασίσθη ἡ ἐπέκτασις τοῦ δικτύου ὑδρεύσεως εἰς τὰς συνοικίας τῆς πρωτευούσης. ΑΘΗΝΑΙ, 5.— Ἀνεκοινώθη ἐκ τοῦ ὑπουργείου ὅτι θὰ χορηγηθοῦν δάνεια εἰς τοὺς παραγωγούς. Ἐπίσης ἀπεφασίσθη ἡ ἐπέκτασις τοῦ δικτύου ὑδρεύσεως εἰς τὰς συνοικίας τῆς πρωτευούσης. ΑΘΗΝΑΙ, 5.— Ἀνεκοινώθη ἐκ τοῦ ὑπουργείου ὅτι θὰ χορηγηθοῦν δάνεια εἰς τοὺς παραγωγούς. Ἐπίσης ἀπεφασίσθη ἡ ἐπέκτασις τοῦ δικτύου ὑδρεύσεως εἰς τὰς συνοικίας τῆς πρωτευούσης. ΑΘΗΝΑΙ, 5.— Ἀνεκοινώθη ἐκ τοῦ ὑπουργείου ὅτι θὰ χορηγηθοῦν δάνεια εἰς τοὺς παραγωγούς. Ἐπίσης ἀπεφασίσθη ἡ ἐπέκτασις τοῦ δικτύου ὑδρεύσεως εἰς τὰς συνοικίας τῆς πρωτευούσης. ΑΘΗΝΑΙ, 5.— Ἀνεκοινώθη ἐκ τοῦ ὑπουργείου ὅτι θὰ χορηγηθοῦν δάνεια εἰς τοὺς παραγωγούς. Ἐπίσης ἀπεφασίσθη ἡ ἐπέκτασις τοῦ δικτύου ὑδρεύσεως εἰς τὰς συνοικίας τῆς πρωτευούσης. ΑΘΗΝΑΙ, 5.— Ἀνεκοινώθη ἐκ τοῦ ὑπουργείου ὅτι θὰ χορηγηθοῦν δάνεια εἰς τοὺς παραγωγούς. Ἐπίσης ἀπεφασίσθη ἡ ἐπέκτασις τοῦ δικτύου ὑδρεύσεως εἰς τὰς συνοικίας τῆς πρωτευούσης.
ΥΠΑΡΧΕΙ ΜΥΣΤΙΚΗ ΣΥΜΦΩΝΙΑ κ.κ. ΑΒΕΡΩΦ - ΖΟΡΛΟΥ ΟΠΩΣ ΚΑΤΑΣΤΗ Η ΚΥΠΡΟΣ ΟΜΟΣΠΟΝΔΙΑΚΟΝ ΚΡΑΤΟΣ;
ΔΕΝ ΥΠΑΡΧΕΙ ΤΟΙΟΥΤΟ ΘΕΜΑ, ΑΠΑΝΤΑ Η ΚΥΒΕΡΝΗΣΙΣ ΟΙ ΚΥΚΛΟΙ ΟΜΩΣ ΤΗΣ ΑΝΤΙΠΟΛΙΤΕΥΣΕΩΣ ΕΠΙΜΕΝΟΥΝ
Ὁ Μακάριος ἐπέδωκε τὰς ἑλληνικὰς προτάσεις
ΑΘΗΝΑΙ, 5.— Ἀνεγνώσθη εἰς ἐπισήμους κύκλους ὅτι δὲν ὑφίσταται μυστικὴ συμφωνία μεταξὺ τοῦ ὑπουργοῦ τῶν Ἐξωτερικῶν κ. Ἀβέρωφ καὶ τοῦ Τούρκου ὁμολόγου του διὰ τὴν μετατροπὴν τῆς Κύπρου εἰς ὁμοσπονδιακὸν κράτος. Οἱ κύκλοι τῆς ἀντιπολιτεύσεως ὅμως ἐπιμένουν. ΑΘΗΝΑΙ, 5.— Ἀνεγνώσθη εἰς ἐπισήμους κύκλους ὅτι δὲν ὑφίσταται μυστικὴ συμφωνία μεταξὺ τοῦ ὑπουργοῦ τῶν Ἐξωτερικῶν κ. Ἀβέρωφ καὶ τοῦ Τούρκου ὁμολόγου του διὰ τὴν μετατροπὴν τῆς Κύπρου εἰς ὁμοσπονδιακὸν κράτος. Οἱ κύκλοι τῆς ἀντιπολιτεύσεως ὅμως ἐπιμένουν.
ΚΑΙ Ο Κ. ΤΣΑΤΣΟΣ ΔΙΑΨΕΥΔΕΙ
ΑΘΗΝΑΙ, 5.— Ἀνεγνώσθη εἰς ἐπισήμους κύκλους ὅτι δὲν ὑφίσταται μυστικὴ συμφωνία μεταξὺ τοῦ ὑπουργοῦ τῶν Ἐξωτερικῶν κ. Ἀβέρωφ καὶ τοῦ Τούρκου ὁμολόγου του διὰ τὴν μετατροπὴν τῆς Κύπρου εἰς ὁμοσπονδιακὸν κράτος. Οἱ κύκλοι τῆς ἀντιπολιτεύσεως ὅμως ἐπιμένουν. ΑΘΗΝΑΙ, 5.— Ἀνεγνώσθη εἰς ἐπισήμους κύκλους ὅτι δὲν ὑφίσταται μυστικὴ συμφωνία μεταξὺ τοῦ ὑπουργοῦ τῶν Ἐξωτερικῶν κ. Ἀβέρωφ καὶ τοῦ Τούρκου ὁμολόγου του διὰ τὴν μετατροπὴν τῆς Κύπρου εἰς ὁμοσπονδιακὸν κράτος. Οἱ κύκλοι τῆς ἀντιπολιτεύσεως ὅμως ἐπιμένουν.
ΕΝΣΚΥΡΗΣΙΣ ΑΙ ΠΡΟΤΑΣΕΙΣ
ΑΘΗΝΑΙ, 5.— Ἀνεγνώσθη εἰς ἐπισήμους κύκλους ὅτι δὲν ὑφίσταται μυστικὴ συμφωνία μεταξὺ τοῦ ὑπουργοῦ τῶν Ἐξωτερικῶν κ. Ἀβέρωφ καὶ τοῦ Τούρκου ὁμολόγου του διὰ τὴν μετατροπὴν τῆς Κύπρου εἰς ὁμοσπονδιακὸν κράτος. Οἱ κύκλοι τῆς ἀντιπολιτεύσεως ὅμως ἐπιμένουν.
ΑΝΕΧΩΡΗΣΕΝ Ο ΑΝΘΙΜΟΣ
ΑΘΗΝΑΙ, 5.— Ἀνεγνώσθη εἰς ἐπισήμους κύκλους ὅτι δὲν ὑφίσταται μυστικὴ συμφωνία μεταξὺ τοῦ ὑπουργοῦ τῶν Ἐξωτερικῶν κ. Ἀβέρωφ καὶ τοῦ Τούρκου ὁμολόγου του διὰ τὴν μετατροπὴν τῆς Κύπρου εἰς ὁμοσπονδιακὸν κράτος. Οἱ κύκλοι τῆς ἀντιπολιτεύσεως ὅμως ἐπιμένουν.
ΟΙ 13 ΕΞΟΡΙΣΤΟΙ ΑΜΝΗΣΤΙΑΙ!
ΑΘΗΝΑΙ, 5.— Ἀνεγνώσθη εἰς ἐπισήμους κύκλους ὅτι δὲν ὑφίσταται μυστικὴ συμφωνία μεταξὺ τοῦ ὑπουργοῦ τῶν Ἐξωτερικῶν κ. Ἀβέρωφ καὶ τοῦ Τούρκου ὁμολόγου του διὰ τὴν μετατροπὴν τῆς Κύπρου εἰς ὁμοσπονδιακὸν κράτος. Οἱ κύκλοι τῆς ἀντιπολιτεύσεως ὅμως ἐπιμένουν.
ΟΙ ΤΟΥΡΚΟΙ ΔΗΜΟΣΙΟΓΡΑΦΟΙ
ΑΘΗΝΑΙ, 5.— Ἀνεγνώσθη εἰς ἐπισήμους κύκλους ὅτι δὲν ὑφίσταται μυστικὴ συμφωνία μεταξὺ τοῦ ὑπουργοῦ τῶν Ἐξωτερικῶν κ. Ἀβέρωφ καὶ τοῦ Τούρκου ὁμολόγου του διὰ τὴν μετατροπὴν τῆς Κύπρου εἰς ὁμοσπονδιακὸν κράτος. Οἱ κύκλοι τῆς ἀντιπολιτεύσεως ὅμως ἐπιμένουν.
ΑἹ ΒΡΕΤΑΝΙΚΑΙ ΔΑΠΑΝΑΙ
ΑΘΗΝΑΙ, 5.— Ἀνεγνώσθη εἰς ἐπισήμους κύκλους ὅτι δὲν ὑφίσταται μυστικὴ συμφωνία μεταξὺ τοῦ ὑπουργοῦ τῶν Ἐξωτερικῶν κ. Ἀβέρωφ καὶ τοῦ Τούρκου ὁμολόγου του διὰ τὴν μετατροπὴν τῆς Κύπρου εἰς ὁμοσπονδιακὸν κράτος. Οἱ κύκλοι τῆς ἀντιπολιτεύσεως ὅμως ἐπιμένουν.
ΦΟΝΟΣ ΤΟΥΡΚΟΥ
ΑΘΗΝΑΙ, 5.— Ἀνεγνώσθη εἰς ἐπισήμους κύκλους ὅτι δὲν ὑφίσταται μυστικὴ συμφωνία μεταξὺ τοῦ ὑπουργοῦ τῶν Ἐξωτερικῶν κ. Ἀβέρωφ καὶ τοῦ Τούρκου ὁμολόγου του διὰ τὴν μετατροπὴν τῆς Κύπρου εἰς ὁμοσπονδιακὸν κράτος. Οἱ κύκλοι τῆς ἀντιπολιτεύσεως ὅμως ἐπιμένουν. ΑΘΗΝΑΙ, 5.— Ἀνεγνώσθη εἰς ἐπισήμους κύκλους ὅτι δὲν ὑφίσταται μυστικὴ συμφωνία μεταξὺ τοῦ ὑπουργοῦ τῶν Ἐξωτερικῶν κ. Ἀβέρωφ καὶ τοῦ Τούρκου ὁμολόγου του διὰ τὴν μετατροπὴν τῆς Κύπρου εἰς ὁμοσπονδιακὸν κράτος. Οἱ κύκλοι τῆς ἀντιπολιτεύσεως ὅμως ἐπιμένουν.
ΠΡΟΘΡΑ ΤΑ ΓΡΑΦΕΝΤΑ ΠΕΡΙ ΣΥΜΦΩΝΙΑΣ ΔΙΑ ΤΑΣ ΜΕΙΟΝΟΤΗΤΑΣ ΚΩΝΣΤΑΝΤΙΝΟΥΠΟΛΕΩΣ ΚΑΙ ΔΥΤΙΚΗΣ ΘΡΑΚΗΣ
Ἀνακοινώνεται ἐπισήμως ὅτι αἱ σχετικαὶ πληροφορίαι στεροῦνται πάσης βάσεως. Αἱ ἀρμόδιαι ὑπηρεσίαι παρακολουθοῦν τὴν ἐξέλιξιν τῆς καταστάσεως καὶ θὰ ἐκδώσουν σχετικὰς ἀνακοινώσεις.
ΔΙΕΡΧΕΤΑΙ ΤΗΝ ΠΡΩΙΑΝ Ο Κ. ΚΑΝΕΛΛΟΠΟΥΛΟΣ ΜΕΤΑΒΑΙΝΩΝ ΕΙΣ ΒΕΛΙΓΡΑΔΙΟΝ
Ἀνακοινώνεται ἐπισήμως ὅτι αἱ σχετικαὶ πληροφορίαι στεροῦνται πάσης βάσεως. Αἱ ἀρμόδιαι ὑπηρεσίαι παρακολουθοῦν τὴν ἐξέλιξιν τῆς καταστάσεως καὶ θὰ ἐκδώσουν σχετικὰς ἀνακοινώσεις.
ΙΣΧΥΡΟΤΑΤΑΙ ΠΑΡΕΜΒΟΛΑΙ ΕΙΣ ΤΗΝ ΙΟΝΟΣΦΑΙΡΑΝ ΠΡΟΚΑΛΟΥΝ ΔΙΑΚΟΠΑΣ ΤΩΝ ΤΗΛΕΠΙΚΟΙΝΩΝΙΩΝ
Ἀνακοινώνεται ἐπισήμως ὅτι αἱ σχετικαὶ πληροφορίαι στεροῦνται πάσης βάσεως. Αἱ ἀρμόδιαι ὑπηρεσίαι παρακολουθοῦν τὴν ἐξέλιξιν τῆς καταστάσεως καὶ θὰ ἐκδώσουν σχετικὰς ἀνακοινώσεις.
Ο ΤΡΑΠΕΖΙΚΟΣ ΤΟΚΟΣ ΕΙΣ ΤΗΝ Δ. ΓΕΡΜΑΝΙΑΝ ΗΥΞΗΘΗ ΚΑΤΑ 1%
Ἀνακοινώνεται ἐπισήμως ὅτι αἱ σχετικαὶ πληροφορίαι στεροῦνται πάσης βάσεως. Αἱ ἀρμόδιαι ὑπηρεσίαι παρακολουθοῦν τὴν ἐξέλιξιν τῆς καταστάσεως καὶ θὰ ἐκδώσουν σχετικὰς ἀνακοινώσεις.
ΕΙΣ ΤΟΝ ΜΑΥΡΟΝ ΠΙΝΑΚΑ ΔΙΟΤΙ ΕΙΧΟΝ ΣΥΝΑΛΛΑΓΑΣ ΜΕ ΤΟ ΚΡΑΤΟΣ ΤΟΥ ΙΣΡΑΗΛ
Ἀνακοινώνεται ἐπισήμως ὅτι αἱ σχετικαὶ πληροφορίαι στεροῦνται πάσης βάσεως. Αἱ ἀρμόδιαι ὑπηρεσίαι παρακολουθοῦν τὴν ἐξέλιξιν τῆς καταστάσεως καὶ θὰ ἐκδώσουν σχετικὰς ἀνακοινώσεις.
ΝΕΑΙ ΤΑΡΑΧΑΙ ΤΩΝ ΙΘΑΓΕΝΩΝ ΕΙΣ ΝΤΟΥΡΜΠΑΝ
Ἀνακοινώνεται ἐπισήμως ὅτι αἱ σχετικαὶ πληροφορίαι στεροῦνται πάσης βάσεως. Αἱ ἀρμόδιαι ὑπηρεσίαι παρακολουθοῦν τὴν ἐξέλιξιν τῆς καταστάσεως καὶ θὰ ἐκδώσουν σχετικὰς ἀνακοινώσεις.
ΣΠΕΙΡΑ ΞΕΝΩΝ ΤΑΧΥΔΑΚΤΥΛΟΥΡΓΩΝ ΑΦΗΡΕΙ ΧΡΗΜΑΤΙΚΑ ΠΟΣΑ ΑΠΟ ΤΑ ΚΑΤΑΣΤΗΜΑΤΑ ΤΩΝ ΑΘΗΝΩΝ
ΑΘΗΝΑΙ, 5.— Ἡ ἀστυνομία ἀναζητεῖ σπεῖραν ξένων ταχυδακτυλουργῶν, οἱ ὁποῖοι ἀφαιροῦν χρηματικὰ ποσὰ ἀπὸ τὰ ταμεῖα καταστημάτων τῆς πρωτευούσης κατὰ τὴν ὥραν τῆς ἀλλαγῆς χαρτονομισμάτων. ΑΘΗΝΑΙ, 5.— Ἡ ἀστυνομία ἀναζητεῖ σπεῖραν ξένων ταχυδακτυλουργῶν, οἱ ὁποῖοι ἀφαιροῦν χρηματικὰ ποσὰ ἀπὸ τὰ ταμεῖα καταστημάτων τῆς πρωτευούσης κατὰ τὴν ὥραν τῆς ἀλλαγῆς χαρτονομισμάτων. ΑΘΗΝΑΙ, 5.— Ἡ ἀστυνομία ἀναζητεῖ σπεῖραν ξένων ταχυδακτυλουργῶν, οἱ ὁποῖοι ἀφαιροῦν χρηματικὰ ποσὰ ἀπὸ τὰ ταμεῖα καταστημάτων τῆς πρωτευούσης κατὰ τὴν ὥραν τῆς ἀλλαγῆς χαρτονομισμάτων. ΑΘΗΝΑΙ, 5.— Ἡ ἀστυνομία ἀναζητεῖ σπεῖραν ξένων ταχυδακτυλουργῶν, οἱ ὁποῖοι ἀφαιροῦν χρηματικὰ ποσὰ ἀπὸ τὰ ταμεῖα καταστημάτων τῆς πρωτευούσης κατὰ τὴν ὥραν τῆς ἀλλαγῆς χαρτονομισμάτων.
Ο ΠΡΟΕΔΡΟΣ ΤΙΤΟ ΕΝΕΚΑΙΝΙΑΣΕ ΧΘΕΣ ΤΗΝ ΔΙΕΘΝΗ ΕΚΘΕΣΙΝ ΤΟΥ ΖΑΓΚΡΕΜΠ
ΖΑΓΚΡΕΜΠ, 5. (Ἀσσ. Πρές).— Ὁ πρόεδρος Τίτο ἐνεκαινίασε σήμερον τὴν Διεθνῆ Ἔκθεσιν τοῦ Ζάγκρεμπ, εἰς τὴν ὁποίαν μετέχουν πολλαὶ χῶραι μεταξὺ τῶν ὁποίων καὶ ἡ Ἑλλάς. ΖΑΓΚΡΕΜΠ, 5. (Ἀσσ. Πρές).— Ὁ πρόεδρος Τίτο ἐνεκαινίασε σήμερον τὴν Διεθνῆ Ἔκθεσιν τοῦ Ζάγκρεμπ, εἰς τὴν ὁποίαν μετέχουν πολλαὶ χῶραι μεταξὺ τῶν ὁποίων καὶ ἡ Ἑλλάς. ΖΑΓΚΡΕΜΠ, 5. (Ἀσσ. Πρές).— Ὁ πρόεδρος Τίτο ἐνεκαινίασε σήμερον τὴν Διεθνῆ Ἔκθεσιν τοῦ Ζάγκρεμπ, εἰς τὴν ὁποίαν μετέχουν πολλαὶ χῶραι μεταξὺ τῶν ὁποίων καὶ ἡ Ἑλλάς.
ΝΕΦΕΛΩΔΗΣ, ΜΕΤΑ ΒΡΟΧΩΝ ΚΑΤΑ ΤΟΠΟΥΣ ΠΡΟΒΛΕΠΕΤΑΙ ΔΙΑ ΣΗΜΕΡΟΝ Ο ΚΑΙΡΟΣ
Κατ' ἀνακοίνωσιν τῆς Ἐθνικῆς Μετεωρολογικῆς Ὑπηρεσίας ὁ καιρὸς διὰ σήμερον προβλέπεται νεφελώδης μετὰ βροχῶν κατὰ τόπους. Ἄνεμοι μέτριοι. Κατ' ἀνακοίνωσιν τῆς Ἐθνικῆς Μετεωρολογικῆς Ὑπηρεσίας ὁ καιρὸς διὰ σήμερον προβλέπεται νεφελώδης μετὰ βροχῶν κατὰ τόπους. Ἄνεμοι μέτριοι. ΙΩΑΝΝΙΝΑ, 5. Κατ' ἀνακοίνωσιν τῆς Ἐθνικῆς Μετεωρολογικῆς Ὑπηρεσίας ὁ καιρὸς διὰ σήμερον προβλέπεται νεφελώδης μετὰ βροχῶν κατὰ τόπους. Ἄνεμοι μέτριοι.
ΕΡΓΟΣΤΑΣΙΟΝ ΚΑΤΑΣΚΕΥΗΣ ΚΑΛΤΣΩΝ ΙΔΡΥΕΤΑΙ ΕΙΣ ΤΗΝ ΕΛΕΥΘΕΡΑΝ ΖΩΝΗΝ
Ὁ ἀριθμὸς τῶν βιομηχανιῶν τῆς ἐλευθέρας ζώνης Θεσσαλονίκης αὐξάνεται. Ἰδρύεται ἤδη ἐργοστάσιον κατασκευῆς καλτσῶν, τὸ ὁποῖον θὰ ἀπασχολῇ σημαντικὸν ἀριθμὸν ἐργατῶν. Ὁ ἀριθμὸς τῶν βιομηχανιῶν τῆς ἐλευθέρας ζώνης Θεσσαλονίκης αὐξάνεται. Ἰδρύεται ἤδη ἐργοστάσιον κατασκευῆς καλτσῶν, τὸ ὁποῖον θὰ ἀπασχολῇ σημαντικὸν ἀριθμὸν ἐργατῶν. Ὁ ἀριθμὸς τῶν βιομηχανιῶν τῆς ἐλευθέρας ζώνης Θεσσαλονίκης αὐξάνεται. Ἰδρύεται ἤδη ἐργοστάσιον κατασκευῆς καλτσῶν, τὸ ὁποῖον θὰ ἀπασχολῇ σημαντικὸν ἀριθμὸν ἐργατῶν.
ΟΙ ΝΕΟΙ ΑΝΘΥΠΟΜΟΙΡΑΡΧΟΙ
ΑΘΗΝΑΙ, 5.— Ὀνομάζονται διὰ διατάγματος ἀνθυπομοίραρχοι οἱ ἑξῆς: Ἀναστασόπουλος Κ., Βασιλείου Ν., Γεωργίου Π., Δημητρίου Α., Ἐλευθερίου Σ., Ζαχαρίου Θ., Ἠλιόπουλος Ι., Θεοδωρόπουλος Κ., Ἰωάννου Λ., Καραγιάννης Μ., Λαμπρόπουλος Ν., Μαυρίδης Ξ., Νικολάου Ο., Ξενάκης Π., Οἰκονόμου Ρ., Παπαδόπουλος Σ. ΑΘΗΝΑΙ, 5.— Ὀνομάζονται διὰ διατάγματος ἀνθυπομοίραρχοι οἱ ἑξῆς: Ἀναστασόπουλος Κ., Βασιλείου Ν., Γεωργίου Π., Δημητρίου Α., Ἐλευθερίου Σ., Ζαχαρίου Θ., Ἠλιόπουλος Ι., Θεοδωρόπουλος Κ., Ἰωάννου Λ., Καραγιάννης Μ., Λαμπρόπουλος Ν., Μαυρίδης Ξ., Νικολάου Ο., Ξενάκης Π., Οἰκονόμου Ρ., Παπαδόπουλος Σ. ΑΘΗΝΑΙ, 5.— Ὀνομάζονται διὰ διατάγματος ἀνθυπομοίραρχοι οἱ ἑξῆς: Ἀναστασόπουλος Κ., Βασιλείου Ν., Γεωργίου Π., Δημητρίου Α., Ἐλευθερίου Σ., Ζαχαρίου Θ., Ἠλιόπουλος Ι., Θεοδωρόπουλος Κ., Ἰωάννου Λ., Καραγιάννης Μ., Λαμπρόπουλος Ν., Μαυρίδης Ξ., Νικολάου Ο., Ξενάκης Π., Οἰκονόμου Ρ., Παπαδόπουλος Σ. ΑΘΗΝΑΙ, 5.— Ὀνομάζονται διὰ διατάγματος ἀνθυπομοίραρχοι οἱ ἑξῆς: Ἀναστασόπουλος Κ., Βασιλείου Ν., Γεωργίου Π., Δημητρίου Α., Ἐλευθερίου Σ., Ζαχαρίου Θ., Ἠλιόπουλος Ι., Θεοδωρόπουλος Κ., Ἰωάννου Λ., Καραγιάννης Μ., Λαμπρόπουλος Ν., Μαυρίδης Ξ., Νικολάου Ο., Ξενάκης Π., Οἰκονόμου Ρ., Παπαδόπουλος Σ. ΑΘΗΝΑΙ, 5.— Ὀνομάζονται διὰ διατάγματος ἀνθυπομοίραρχοι οἱ ἑξῆς: Ἀναστασόπουλος Κ., Βασιλείου Ν., Γεωργίου Π., Δημητρίου Α., Ἐλευθερίου Σ., Ζαχαρίου Θ., Ἠλιόπουλος Ι., Θεοδωρόπουλος Κ., Ἰωάννου Λ., Καραγιάννης Μ., Λαμπρόπουλος Ν., Μαυρίδης Ξ., Νικολάου Ο., Ξενάκης Π., Οἰκονόμου Ρ., Παπαδόπουλος Σ.
ΩΡΑ 4.30' ΠΡΩΙΝΗ ΤΗΣ ΚΥΡΙΑΚΗΣ
